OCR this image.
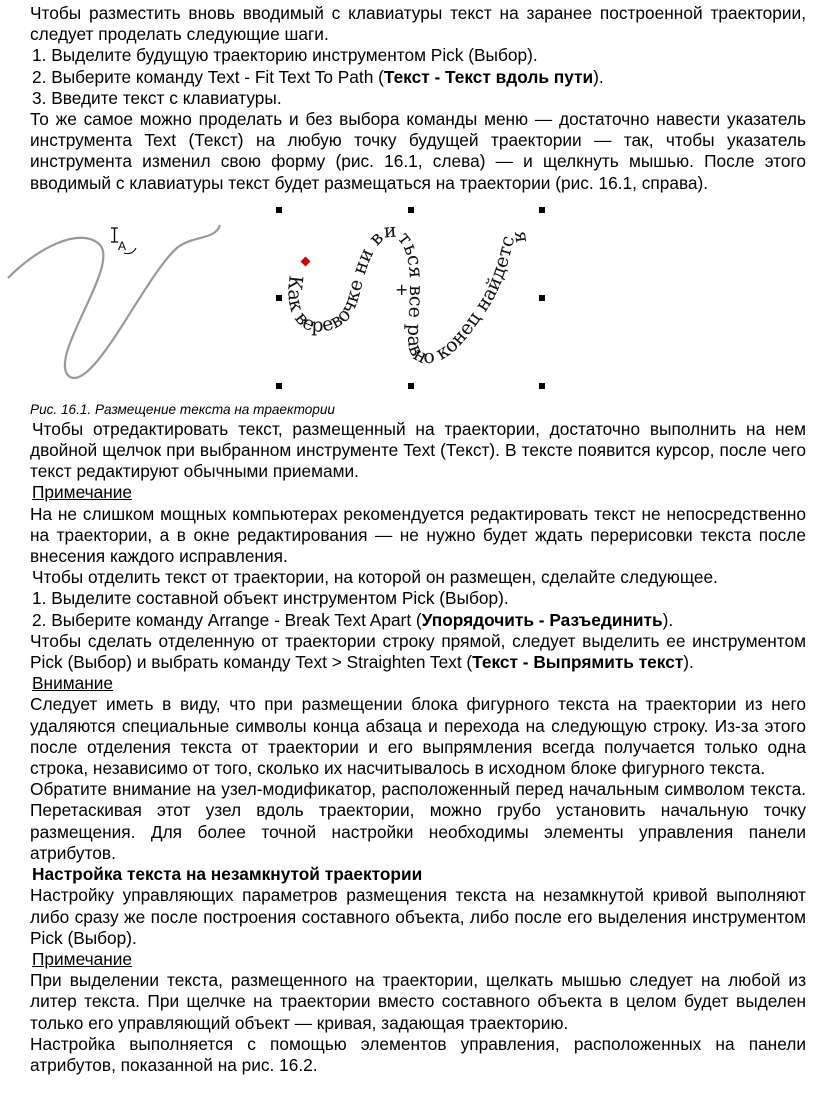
Чтобы разместить вновь вводимый с клавиатуры текст на заранее построенной траектории, следует проделать следующие шаги.

1. Выделите будущую траекторию инструментом Pick (Выбор).

2. Выберите команду Text - Fit Text To Path (Текст - Текст вдоль пути).

3. Введите текст с клавиатуры.

То же самое можно проделать и без выбора команды меню — достаточно навести указатель инструмента Text (Текст) на любую точку будущей траектории — так, чтобы указатель инструмента изменил свою форму (рис. 16.1, слева) — и щелкнуть мышью. После этого вводимый с клавиатуры текст будет размещаться на траектории (рис. 16.1, справа).

A
Как веревочке ни виться все равно конец найдется
+

Рис. 16.1. Размещение текста на траектории

Чтобы отредактировать текст, размещенный на траектории, достаточно выполнить на нем двойной щелчок при выбранном инструменте Text (Текст). В тексте появится курсор, после чего текст редактируют обычными приемами.

Примечание

На не слишком мощных компьютерах рекомендуется редактировать текст не непосредственно на траектории, а в окне редактирования — не нужно будет ждать перерисовки текста после внесения каждого исправления.

Чтобы отделить текст от траектории, на которой он размещен, сделайте следующее.

1. Выделите составной объект инструментом Pick (Выбор).

2. Выберите команду Arrange - Break Text Apart (Упорядочить - Разъединить).

Чтобы сделать отделенную от траектории строку прямой, следует выделить ее инструментом Pick (Выбор) и выбрать команду Text > Straighten Text (Текст - Выпрямить текст).

Внимание

Следует иметь в виду, что при размещении блока фигурного текста на траектории из него удаляются специальные символы конца абзаца и перехода на следующую строку. Из-за этого после отделения текста от траектории и его выпрямления всегда получается только одна строка, независимо от того, сколько их насчитывалось в исходном блоке фигурного текста.

Обратите внимание на узел-модификатор, расположенный перед начальным символом текста. Перетаскивая этот узел вдоль траектории, можно грубо установить начальную точку размещения. Для более точной настройки необходимы элементы управления панели атрибутов.

Настройка текста на незамкнутой траектории

Настройку управляющих параметров размещения текста на незамкнутой кривой выполняют либо сразу же после построения составного объекта, либо после его выделения инструментом Pick (Выбор).

Примечание

При выделении текста, размещенного на траектории, щелкать мышью следует на любой из литер текста. При щелчке на траектории вместо составного объекта в целом будет выделен только его управляющий объект — кривая, задающая траекторию.

Настройка выполняется с помощью элементов управления, расположенных на панели атрибутов, показанной на рис. 16.2.
